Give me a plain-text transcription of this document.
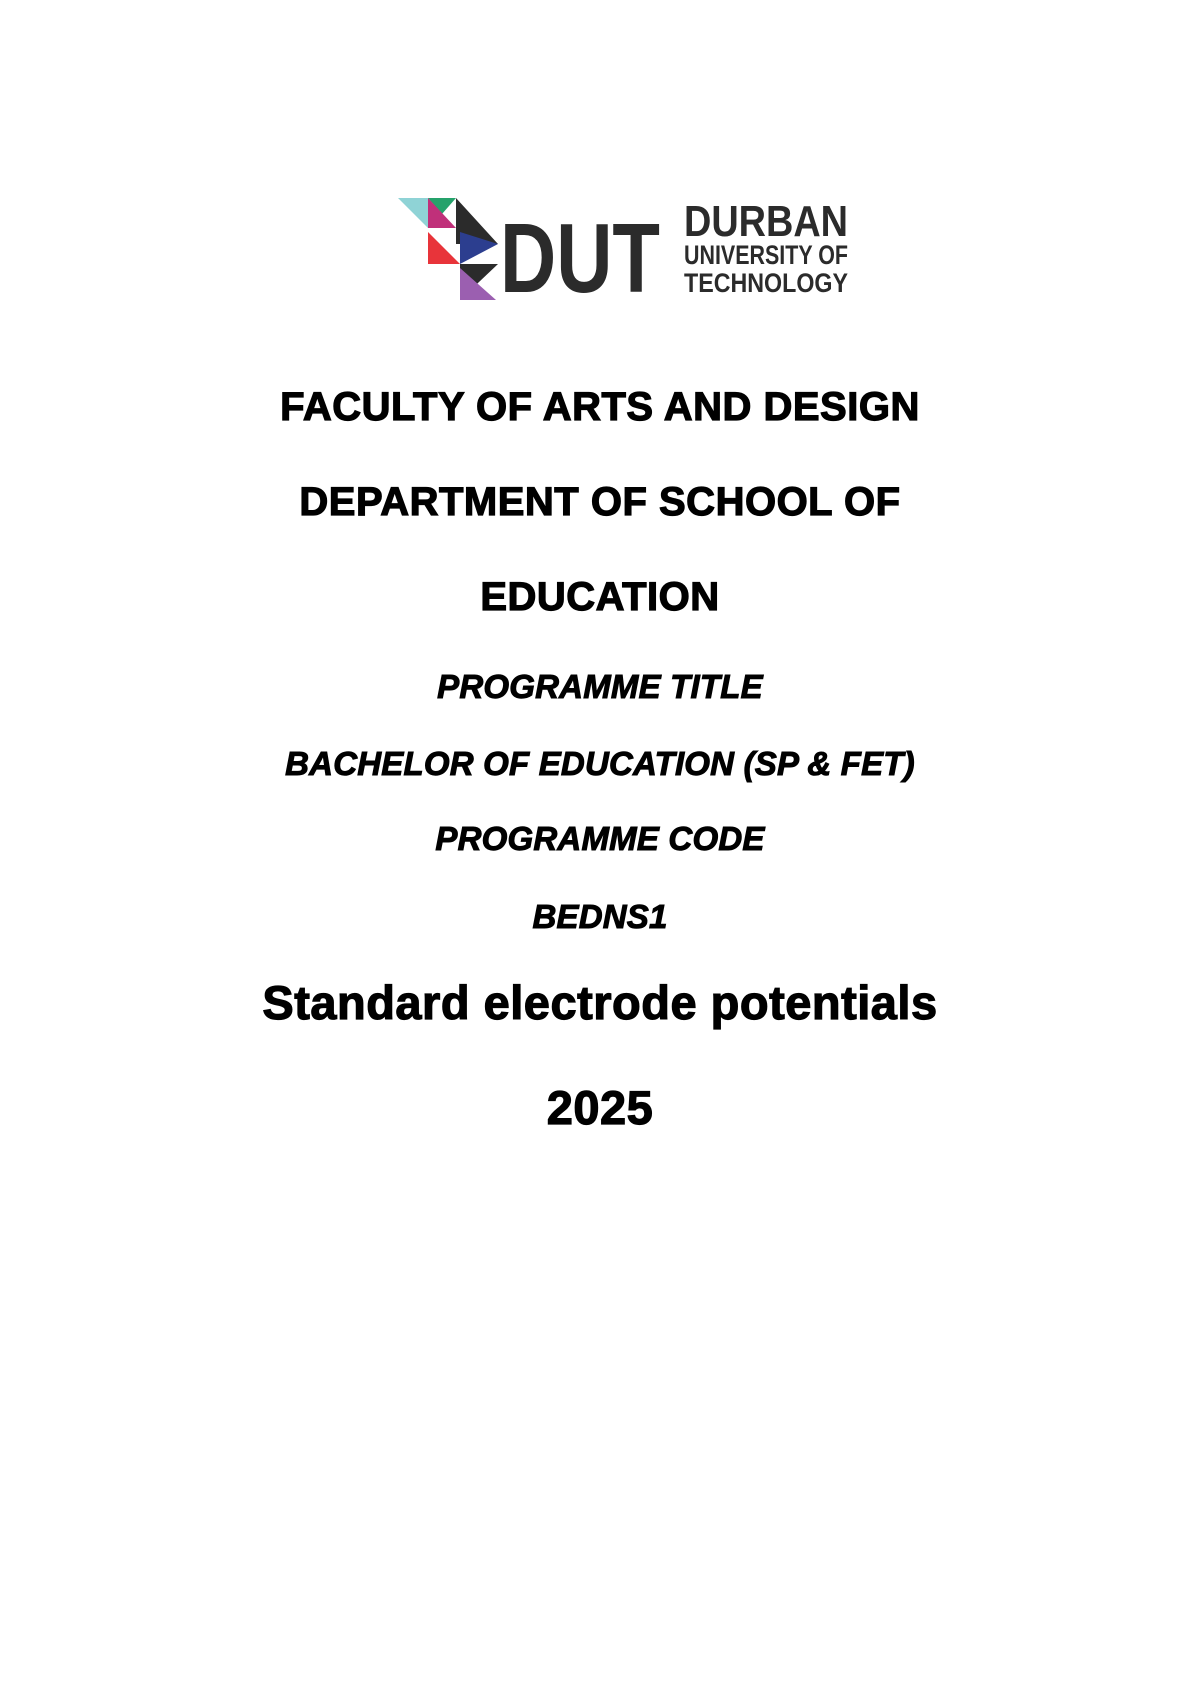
DUT DURBAN
UNIVERSITY OF
TECHNOLOGY
FACULTY OF ARTS AND DESIGN
DEPARTMENT OF SCHOOL OF
EDUCATION
PROGRAMME TITLE
BACHELOR OF EDUCATION (SP & FET)
PROGRAMME CODE
BEDNS1
Standard electrode potentials
2025
